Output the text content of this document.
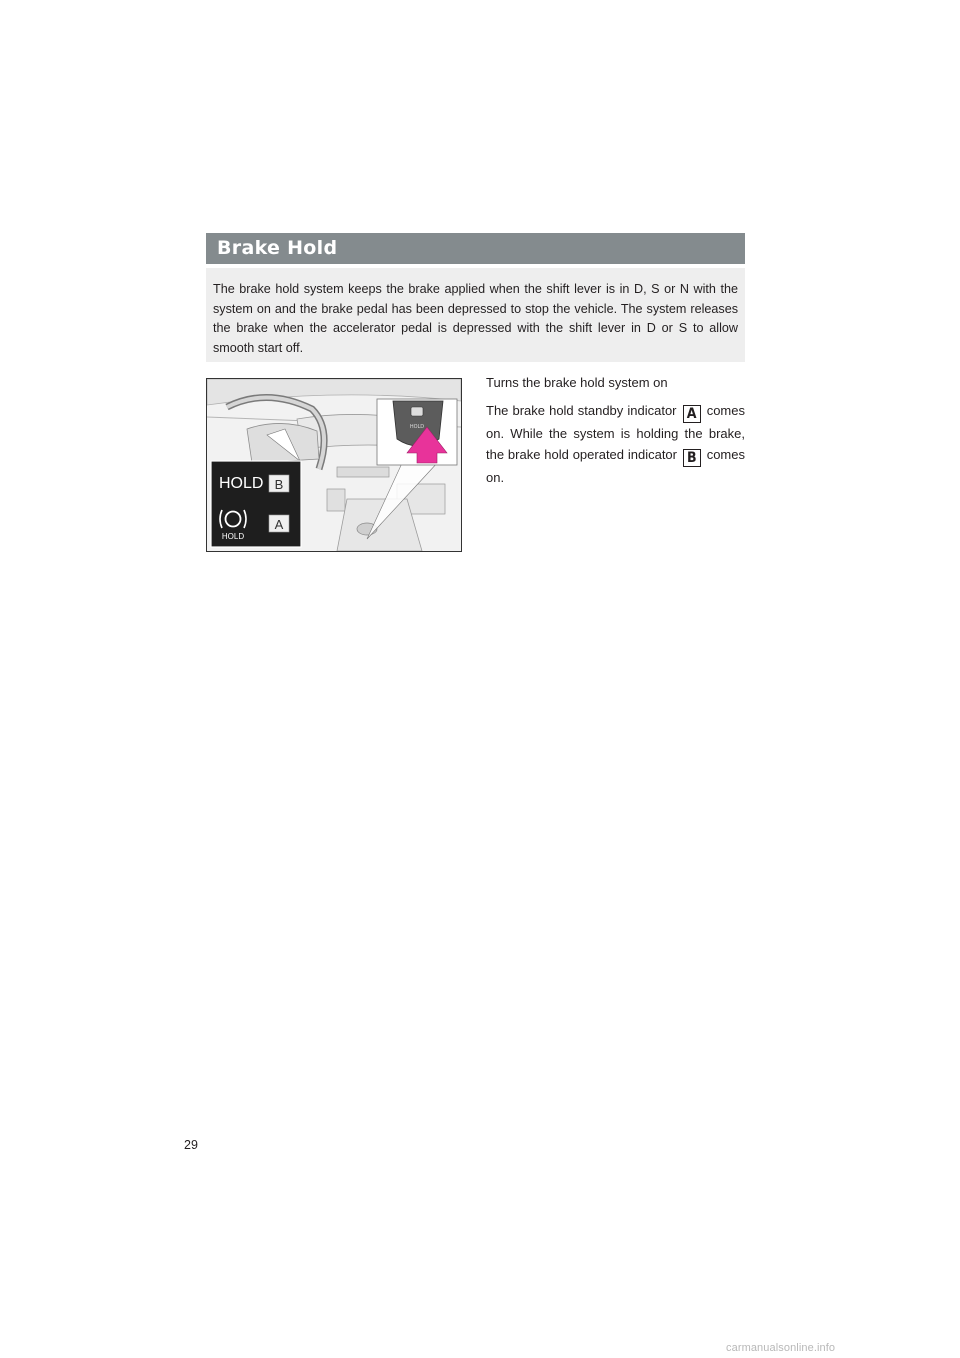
Brake Hold

The brake hold system keeps the brake applied when the shift lever is in D, S or N with the system on and the brake pedal has been depressed to stop the vehicle. The system releases the brake when the accelerator pedal is depressed with the shift lever in D or S to allow smooth start off.

HOLD
HOLD B
HOLD
A

Turns the brake hold system on

The brake hold standby indicator A comes on. While the system is holding the brake, the brake hold operated indicator B comes on.

29
carmanualsonline.info
